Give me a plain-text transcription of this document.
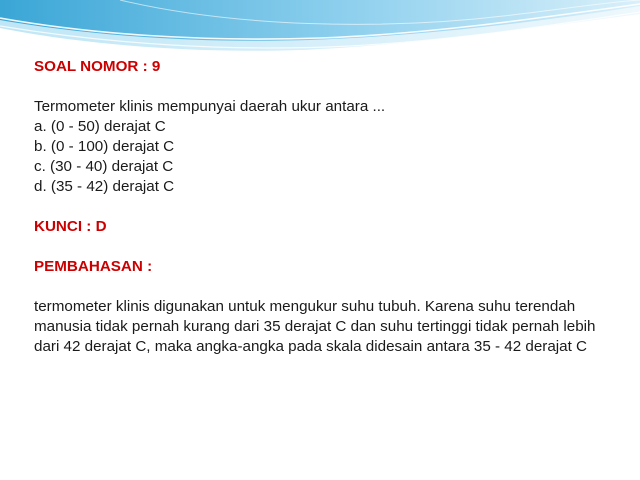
SOAL NOMOR : 9
Termometer klinis mempunyai daerah ukur antara ...
a. (0 - 50) derajat C
b. (0 - 100) derajat C
c. (30 - 40) derajat C
d. (35 - 42) derajat C
KUNCI : D
PEMBAHASAN :
termometer klinis digunakan untuk mengukur suhu tubuh. Karena suhu terendah manusia tidak pernah kurang dari 35 derajat C dan suhu tertinggi tidak pernah lebih dari 42 derajat C, maka angka-angka pada skala didesain antara 35 - 42 derajat C
